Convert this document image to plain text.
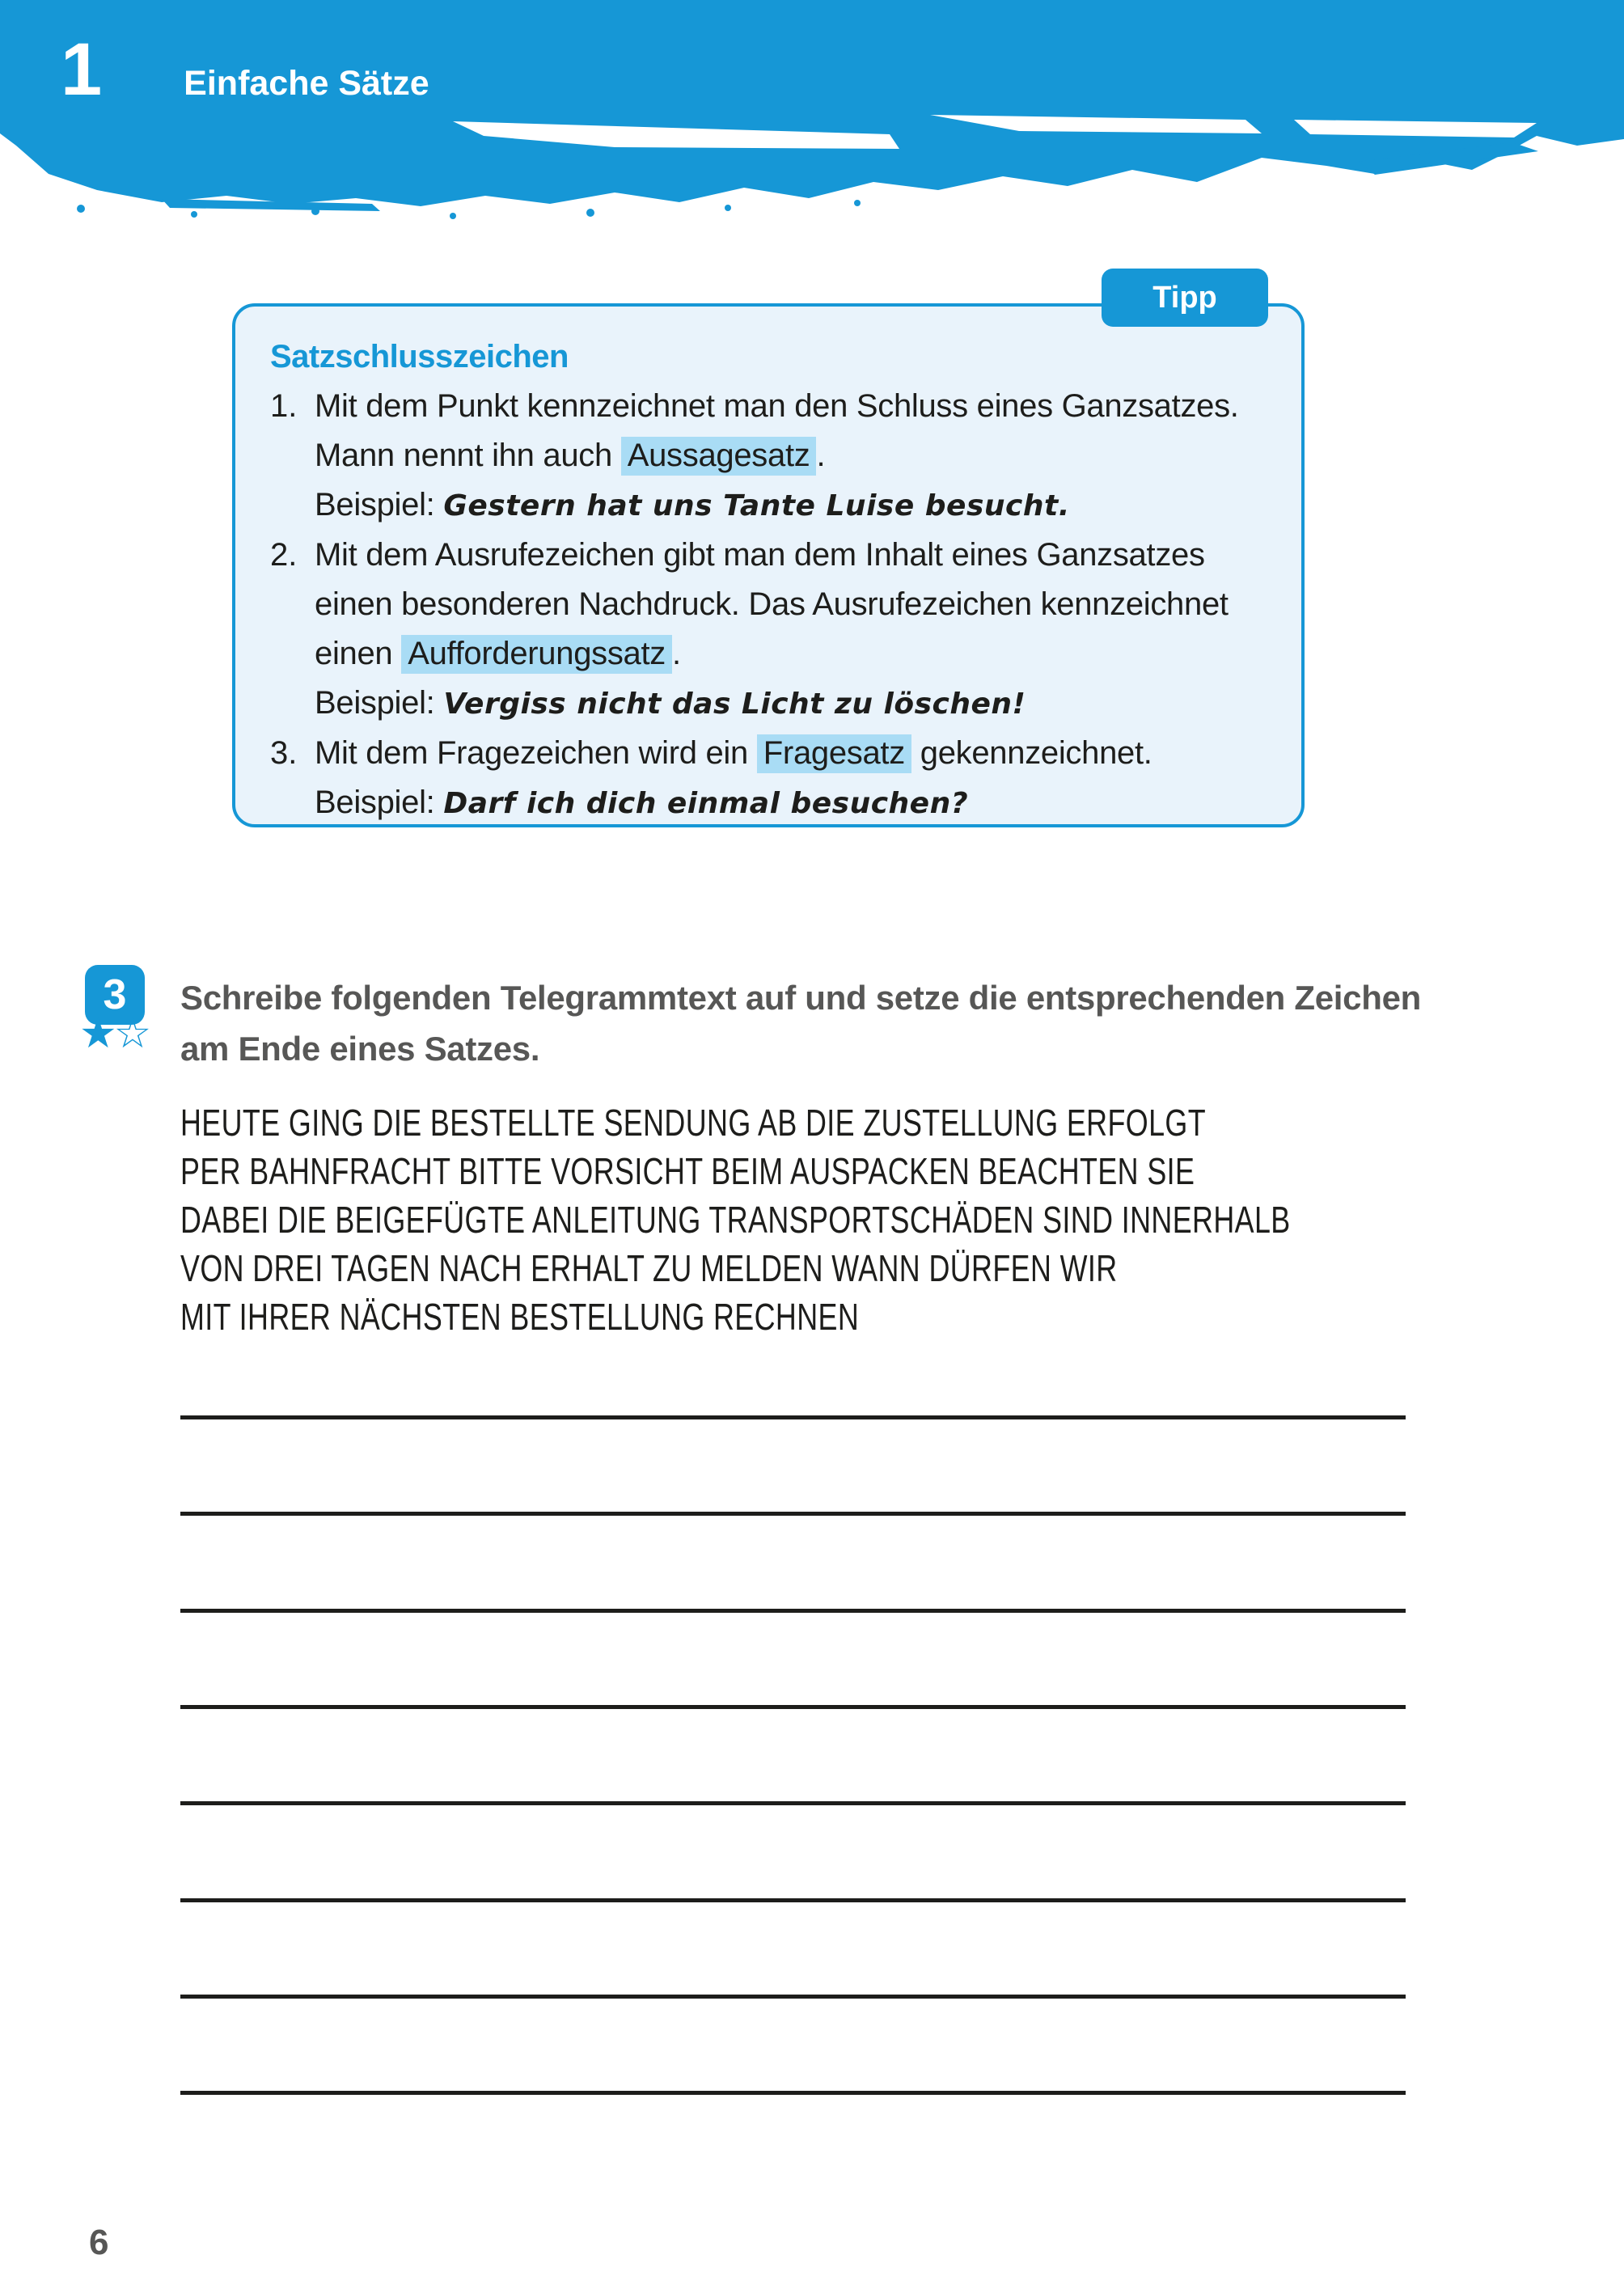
1 Einfache Sätze
Tipp
Satzschlusszeichen
1. Mit dem Punkt kennzeichnet man den Schluss eines Ganzsatzes.
Mann nennt ihn auch Aussagesatz .
Beispiel: Gestern hat uns Tante Luise besucht.
2. Mit dem Ausrufezeichen gibt man dem Inhalt eines Ganzsatzes
einen besonderen Nachdruck. Das Ausrufezeichen kennzeichnet
einen Aufforderungssatz .
Beispiel: Vergiss nicht das Licht zu löschen!
3. Mit dem Fragezeichen wird ein Fragesatz gekennzeichnet.
Beispiel: Darf ich dich einmal besuchen?
3
★☆
Schreibe folgenden Telegrammtext auf und setze die entsprechenden Zeichen
am Ende eines Satzes.
HEUTE GING DIE BESTELLTE SENDUNG AB DIE ZUSTELLUNG ERFOLGT
PER BAHNFRACHT BITTE VORSICHT BEIM AUSPACKEN BEACHTEN SIE
DABEI DIE BEIGEFÜGTE ANLEITUNG TRANSPORTSCHÄDEN SIND INNERHALB
VON DREI TAGEN NACH ERHALT ZU MELDEN WANN DÜRFEN WIR
MIT IHRER NÄCHSTEN BESTELLUNG RECHNEN
6
